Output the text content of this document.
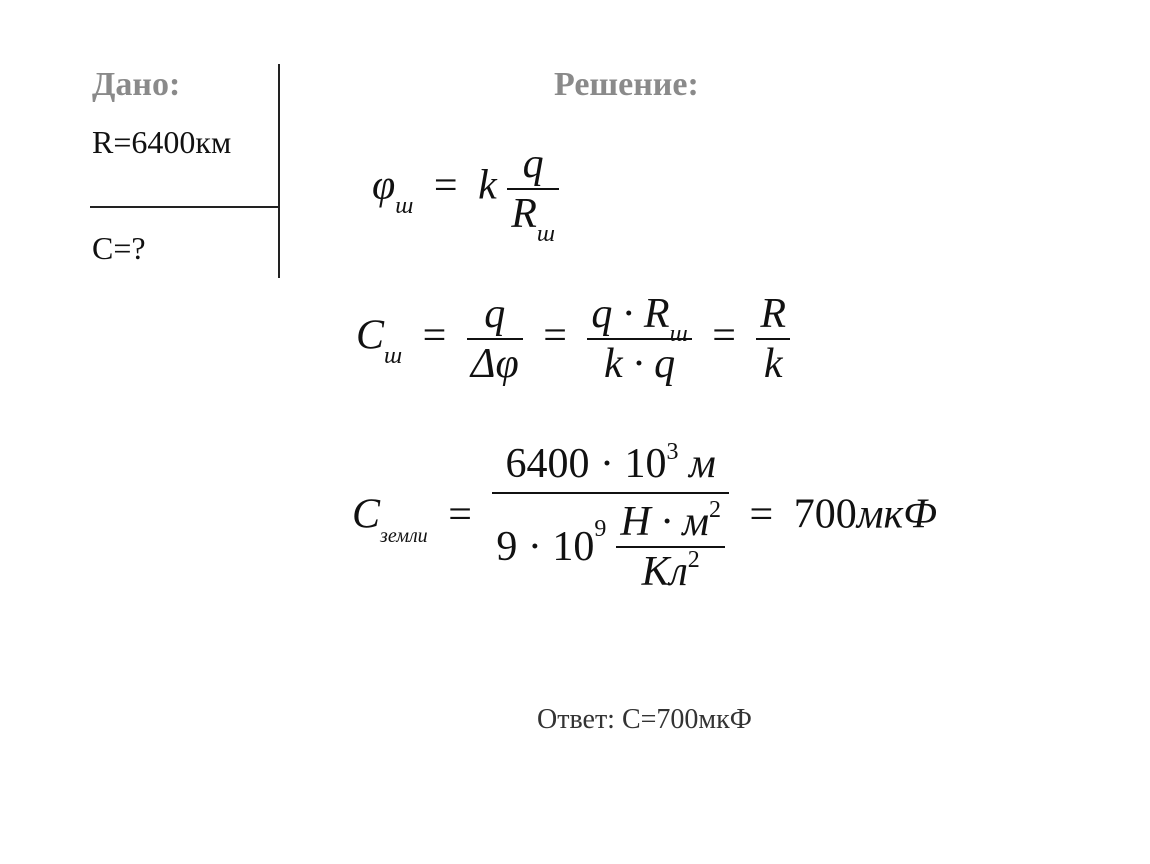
Дано:
R=6400км
C=?
Решение:
$\varphi_ш = k \frac{q}{R_ш}$
$C_ш = \frac{q}{\Delta\varphi} = \frac{q \cdot R_ш}{k \cdot q} = \frac{R}{k}$
$C_{земли} = \frac{6400 \cdot 10^3 м}{9 \cdot 10 9 \frac{Н \cdot м^2}{Кл^2}} = 700мкФ$
Ответ: C=700мкФ
